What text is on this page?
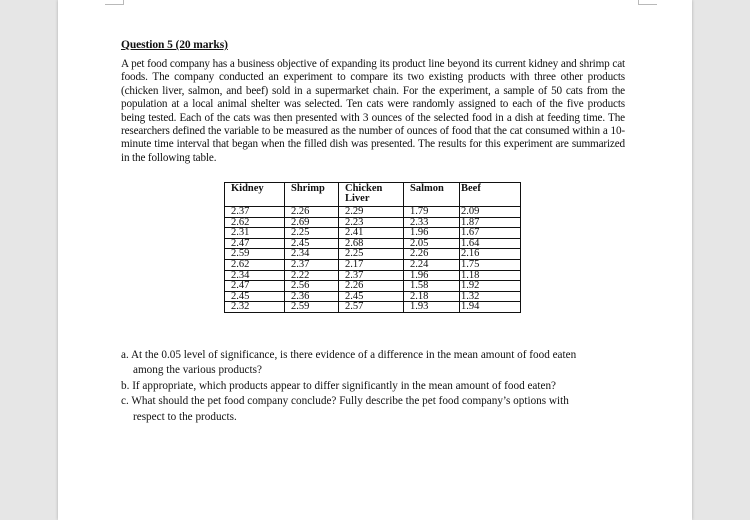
Question 5 (20 marks)
A pet food company has a business objective of expanding its product line beyond its current kidney and shrimp cat foods. The company conducted an experiment to compare its two existing products with three other products (chicken liver, salmon, and beef) sold in a supermarket chain. For the experiment, a sample of 50 cats from the population at a local animal shelter was selected. Ten cats were randomly assigned to each of the five products being tested. Each of the cats was then presented with 3 ounces of the selected food in a dish at feeding time. The researchers defined the variable to be measured as the number of ounces of food that the cat consumed within a 10-minute time interval that began when the filled dish was presented. The results for this experiment are summarized in the following table.
Kidney	Shrimp	Chicken Liver	Salmon	Beef
2.37	2.26	2.29	1.79	2.09
2.62	2.69	2.23	2.33	1.87
2.31	2.25	2.41	1.96	1.67
2.47	2.45	2.68	2.05	1.64
2.59	2.34	2.25	2.26	2.16
2.62	2.37	2.17	2.24	1.75
2.34	2.22	2.37	1.96	1.18
2.47	2.56	2.26	1.58	1.92
2.45	2.36	2.45	2.18	1.32
2.32	2.59	2.57	1.93	1.94
a. At the 0.05 level of significance, is there evidence of a difference in the mean amount of food eaten
among the various products?
b. If appropriate, which products appear to differ significantly in the mean amount of food eaten?
c. What should the pet food company conclude? Fully describe the pet food company’s options with
respect to the products.
